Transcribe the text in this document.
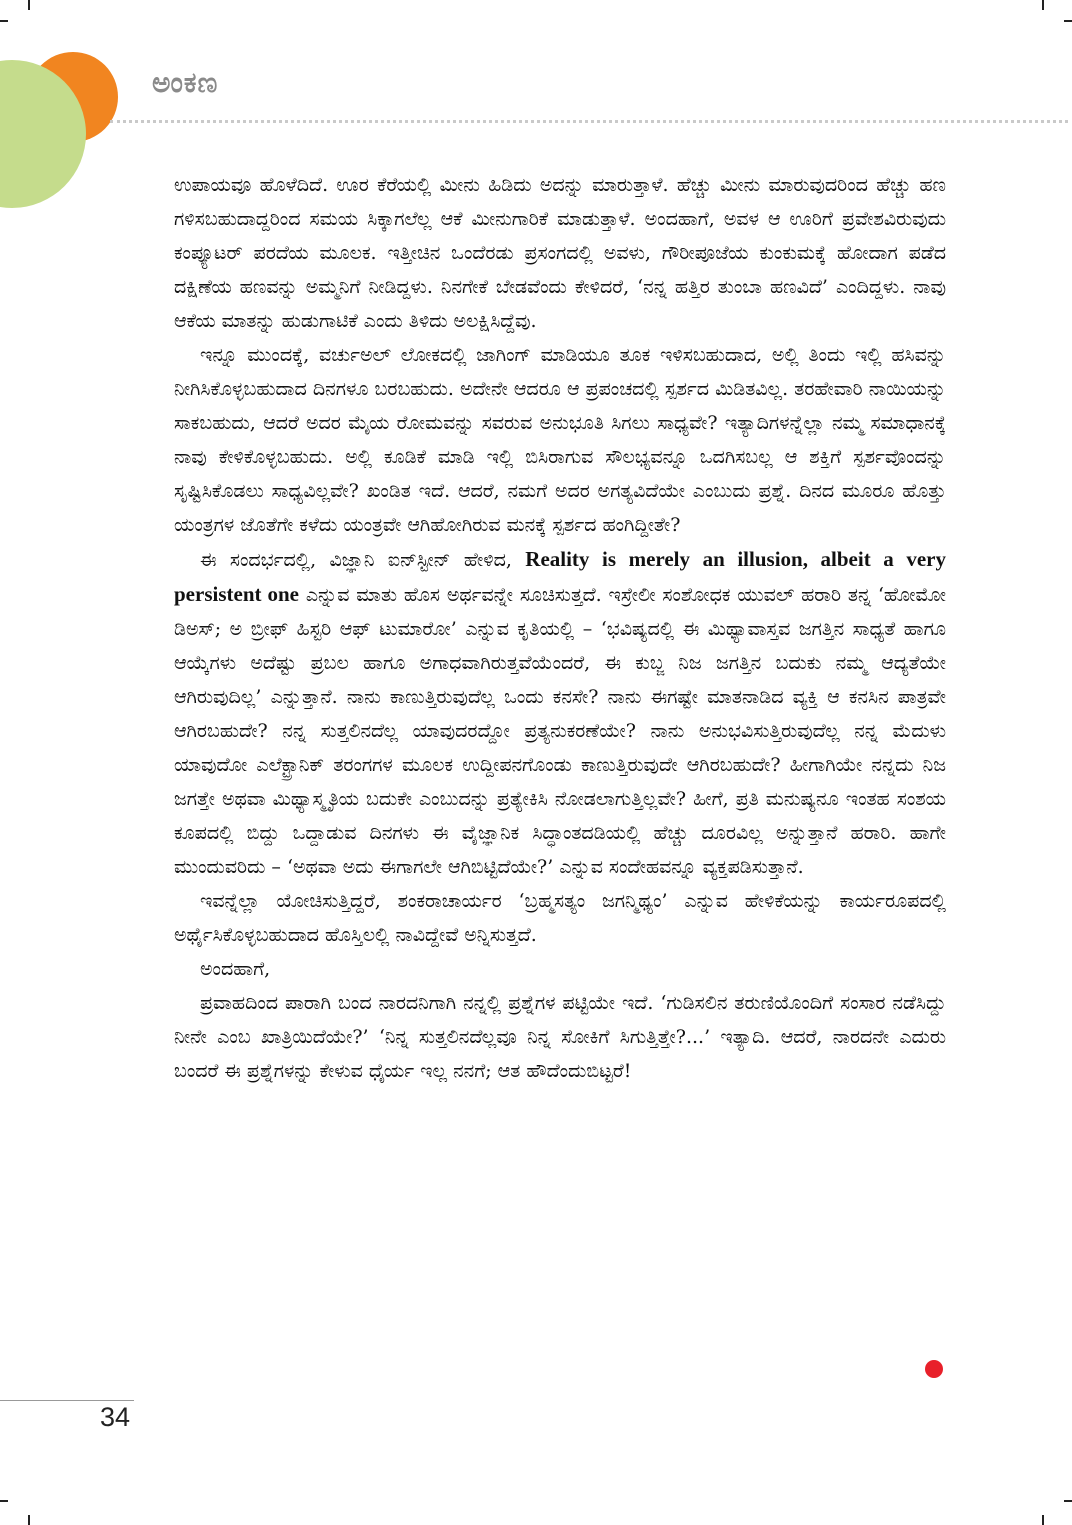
ಅಂಕಣ

ಉಪಾಯವೂ ಹೊಳೆದಿದೆ. ಊರ ಕೆರೆಯಲ್ಲಿ ಮೀನು ಹಿಡಿದು ಅದನ್ನು ಮಾರುತ್ತಾಳೆ. ಹೆಚ್ಚು ಮೀನು ಮಾರುವುದರಿಂದ ಹೆಚ್ಚು ಹಣ ಗಳಿಸಬಹುದಾದ್ದರಿಂದ ಸಮಯ ಸಿಕ್ಕಾಗಲೆಲ್ಲ ಆಕೆ ಮೀನುಗಾರಿಕೆ ಮಾಡುತ್ತಾಳೆ. ಅಂದಹಾಗೆ, ಅವಳ ಆ ಊರಿಗೆ ಪ್ರವೇಶವಿರುವುದು ಕಂಪ್ಯೂಟರ್ ಪರದೆಯ ಮೂಲಕ. ಇತ್ತೀಚಿನ ಒಂದೆರಡು ಪ್ರಸಂಗದಲ್ಲಿ ಅವಳು, ಗೌರೀಪೂಜೆಯ ಕುಂಕುಮಕ್ಕೆ ಹೋದಾಗ ಪಡೆದ ದಕ್ಷಿಣೆಯ ಹಣವನ್ನು ಅಮ್ಮನಿಗೆ ನೀಡಿದ್ದಳು. ನಿನಗೇಕೆ ಬೇಡವೆಂದು ಕೇಳಿದರೆ, ‘ನನ್ನ ಹತ್ತಿರ ತುಂಬಾ ಹಣವಿದೆ’ ಎಂದಿದ್ದಳು. ನಾವು ಆಕೆಯ ಮಾತನ್ನು ಹುಡುಗಾಟಿಕೆ ಎಂದು ತಿಳಿದು ಅಲಕ್ಷಿಸಿದ್ದೆವು.

ಇನ್ನೂ ಮುಂದಕ್ಕೆ, ವರ್ಚುಅಲ್ ಲೋಕದಲ್ಲಿ ಜಾಗಿಂಗ್ ಮಾಡಿಯೂ ತೂಕ ಇಳಿಸಬಹುದಾದ, ಅಲ್ಲಿ ತಿಂದು ಇಲ್ಲಿ ಹಸಿವನ್ನು ನೀಗಿಸಿಕೊಳ್ಳಬಹುದಾದ ದಿನಗಳೂ ಬರಬಹುದು. ಅದೇನೇ ಆದರೂ ಆ ಪ್ರಪಂಚದಲ್ಲಿ ಸ್ಪರ್ಶದ ಮಿಡಿತವಿಲ್ಲ. ತರಹೇವಾರಿ ನಾಯಿಯನ್ನು ಸಾಕಬಹುದು, ಆದರೆ ಅದರ ಮೈಯ ರೋಮವನ್ನು ಸವರುವ ಅನುಭೂತಿ ಸಿಗಲು ಸಾಧ್ಯವೇ? ಇತ್ಯಾದಿಗಳನ್ನೆಲ್ಲಾ ನಮ್ಮ ಸಮಾಧಾನಕ್ಕೆ ನಾವು ಕೇಳಿಕೊಳ್ಳಬಹುದು. ಅಲ್ಲಿ ಕೂಡಿಕೆ ಮಾಡಿ ಇಲ್ಲಿ ಬಿಸಿರಾಗುವ ಸೌಲಭ್ಯವನ್ನೂ ಒದಗಿಸಬಲ್ಲ ಆ ಶಕ್ತಿಗೆ ಸ್ಪರ್ಶವೊಂದನ್ನು ಸೃಷ್ಟಿಸಿಕೊಡಲು ಸಾಧ್ಯವಿಲ್ಲವೇ? ಖಂಡಿತ ಇದೆ. ಆದರೆ, ನಮಗೆ ಅದರ ಅಗತ್ಯವಿದೆಯೇ ಎಂಬುದು ಪ್ರಶ್ನೆ. ದಿನದ ಮೂರೂ ಹೊತ್ತು ಯಂತ್ರಗಳ ಜೊತೆಗೇ ಕಳೆದು ಯಂತ್ರವೇ ಆಗಿಹೋಗಿರುವ ಮನಕ್ಕೆ ಸ್ಪರ್ಶದ ಹಂಗಿದ್ದೀತೇ?

ಈ ಸಂದರ್ಭದಲ್ಲಿ, ವಿಜ್ಞಾನಿ ಐನ್‌ಸ್ಟೀನ್ ಹೇಳಿದ, Reality is merely an illusion, albeit a very persistent one ಎನ್ನುವ ಮಾತು ಹೊಸ ಅರ್ಥವನ್ನೇ ಸೂಚಿಸುತ್ತದೆ. ಇಸ್ರೇಲೀ ಸಂಶೋಧಕ ಯುವಲ್ ಹರಾರಿ ತನ್ನ ‘ಹೋಮೋ ಡಿಅಸ್; ಅ ಬ್ರೀಫ್ ಹಿಸ್ಟರಿ ಆಫ್ ಟುಮಾರೋ’ ಎನ್ನುವ ಕೃತಿಯಲ್ಲಿ – ‘ಭವಿಷ್ಯದಲ್ಲಿ ಈ ಮಿಥ್ಯಾವಾಸ್ತವ ಜಗತ್ತಿನ ಸಾಧ್ಯತೆ ಹಾಗೂ ಆಯ್ಕೆಗಳು ಅದೆಷ್ಟು ಪ್ರಬಲ ಹಾಗೂ ಅಗಾಧವಾಗಿರುತ್ತವೆಯೆಂದರೆ, ಈ ಕುಬ್ಜ ನಿಜ ಜಗತ್ತಿನ ಬದುಕು ನಮ್ಮ ಆದ್ಯತೆಯೇ ಆಗಿರುವುದಿಲ್ಲ’ ಎನ್ನುತ್ತಾನೆ. ನಾನು ಕಾಣುತ್ತಿರುವುದೆಲ್ಲ ಒಂದು ಕನಸೇ? ನಾನು ಈಗಷ್ಟೇ ಮಾತನಾಡಿದ ವ್ಯಕ್ತಿ ಆ ಕನಸಿನ ಪಾತ್ರವೇ ಆಗಿರಬಹುದೇ? ನನ್ನ ಸುತ್ತಲಿನದೆಲ್ಲ ಯಾವುದರದ್ದೋ ಪ್ರತ್ಯನುಕರಣೆಯೇ? ನಾನು ಅನುಭವಿಸುತ್ತಿರುವುದೆಲ್ಲ ನನ್ನ ಮೆದುಳು ಯಾವುದೋ ಎಲೆಕ್ಟ್ರಾನಿಕ್ ತರಂಗಗಳ ಮೂಲಕ ಉದ್ದೀಪನಗೊಂಡು ಕಾಣುತ್ತಿರುವುದೇ ಆಗಿರಬಹುದೇ? ಹೀಗಾಗಿಯೇ ನನ್ನದು ನಿಜ ಜಗತ್ತೇ ಅಥವಾ ಮಿಥ್ಯಾಸ್ಮೃತಿಯ ಬದುಕೇ ಎಂಬುದನ್ನು ಪ್ರತ್ಯೇಕಿಸಿ ನೋಡಲಾಗುತ್ತಿಲ್ಲವೇ? ಹೀಗೆ, ಪ್ರತಿ ಮನುಷ್ಯನೂ ಇಂತಹ ಸಂಶಯ ಕೂಪದಲ್ಲಿ ಬಿದ್ದು ಒದ್ದಾಡುವ ದಿನಗಳು ಈ ವೈಜ್ಞಾನಿಕ ಸಿದ್ಧಾಂತದಡಿಯಲ್ಲಿ ಹೆಚ್ಚು ದೂರವಿಲ್ಲ ಅನ್ನುತ್ತಾನೆ ಹರಾರಿ. ಹಾಗೇ ಮುಂದುವರಿದು – ‘ಅಥವಾ ಅದು ಈಗಾಗಲೇ ಆಗಿಬಿಟ್ಟಿದೆಯೇ?’ ಎನ್ನುವ ಸಂದೇಹವನ್ನೂ ವ್ಯಕ್ತಪಡಿಸುತ್ತಾನೆ.

ಇವನ್ನೆಲ್ಲಾ ಯೋಚಿಸುತ್ತಿದ್ದರೆ, ಶಂಕರಾಚಾರ್ಯರ ‘ಬ್ರಹ್ಮಸತ್ಯಂ ಜಗನ್ಮಿಥ್ಯಂ’ ಎನ್ನುವ ಹೇಳಿಕೆಯನ್ನು ಕಾರ್ಯರೂಪದಲ್ಲಿ ಅರ್ಥೈಸಿಕೊಳ್ಳಬಹುದಾದ ಹೊಸ್ತಿಲಲ್ಲಿ ನಾವಿದ್ದೇವೆ ಅನ್ನಿಸುತ್ತದೆ.

ಅಂದಹಾಗೆ,

ಪ್ರವಾಹದಿಂದ ಪಾರಾಗಿ ಬಂದ ನಾರದನಿಗಾಗಿ ನನ್ನಲ್ಲಿ ಪ್ರಶ್ನೆಗಳ ಪಟ್ಟಿಯೇ ಇದೆ. ‘ಗುಡಿಸಲಿನ ತರುಣಿಯೊಂದಿಗೆ ಸಂಸಾರ ನಡೆಸಿದ್ದು ನೀನೇ ಎಂಬ ಖಾತ್ರಿಯಿದೆಯೇ?’ ‘ನಿನ್ನ ಸುತ್ತಲಿನದೆಲ್ಲವೂ ನಿನ್ನ ಸೋಕಿಗೆ ಸಿಗುತ್ತಿತ್ತೇ?...’ ಇತ್ಯಾದಿ. ಆದರೆ, ನಾರದನೇ ಎದುರು ಬಂದರೆ ಈ ಪ್ರಶ್ನೆಗಳನ್ನು ಕೇಳುವ ಧೈರ್ಯ ಇಲ್ಲ ನನಗೆ; ಆತ ಹೌದೆಂದುಬಿಟ್ಟರೆ!

34
